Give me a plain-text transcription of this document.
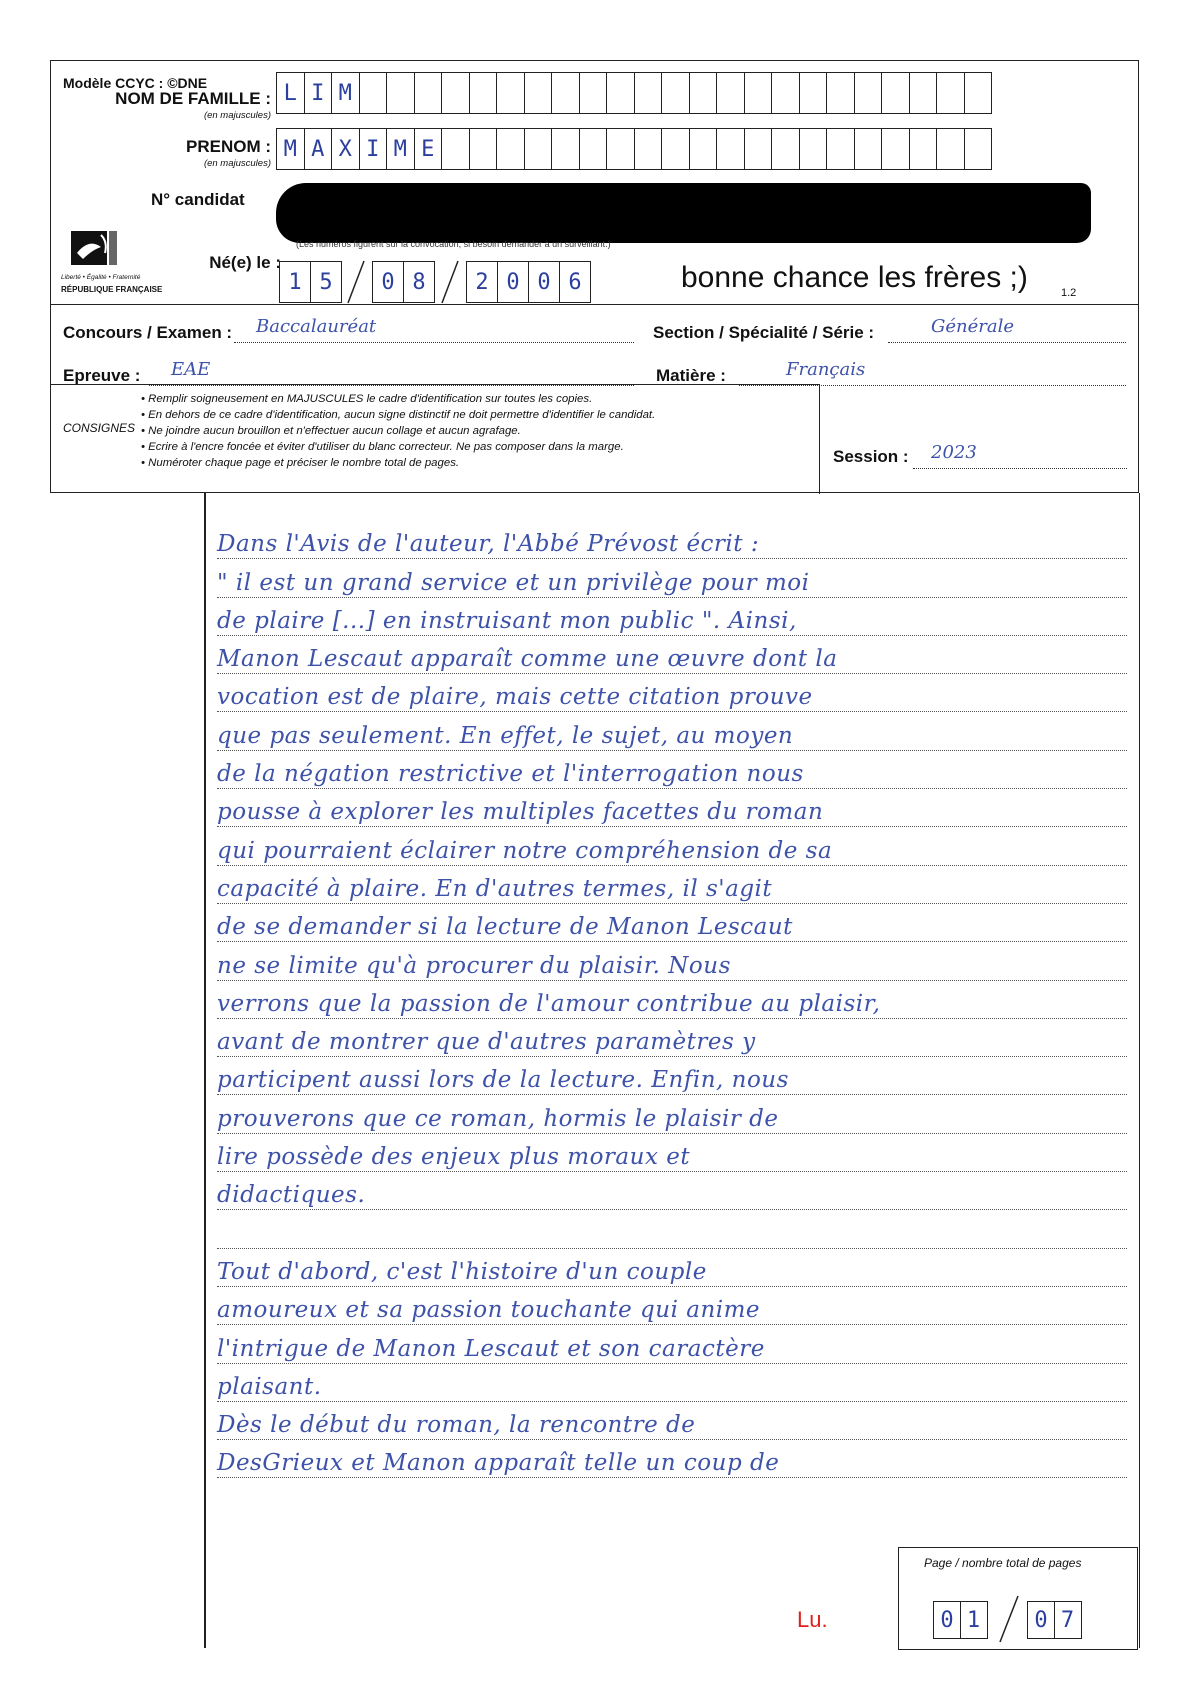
Modèle CCYC : ©DNE
NOM DE FAMILLE :
(en majuscules)
L I M
PRENOM :
(en majuscules)
M A X I M E
N° candidat
(Les numéros figurent sur la convocation, si besoin demander à un surveillant.)
Liberté • Égalité • Fraternité
RÉPUBLIQUE FRANÇAISE
Né(e) le :
1 5	0 8	2 0 0 6	bonne chance les frères ;)	1.2
Concours / Examen : Baccalauréat	Section / Spécialité / Série :	Générale
Epreuve : EAE	Matière :	Français
CONSIGNES
• Remplir soigneusement en MAJUSCULES le cadre d'identification sur toutes les copies.
• En dehors de ce cadre d'identification, aucun signe distinctif ne doit permettre d'identifier le candidat.
• Ne joindre aucun brouillon et n'effectuer aucun collage et aucun agrafage.
• Ecrire à l'encre foncée et éviter d'utiliser du blanc correcteur. Ne pas composer dans la marge.
• Numéroter chaque page et préciser le nombre total de pages.	Session : 2023
Dans l'Avis de l'auteur, l'Abbé Prévost écrit :
" il est un grand service et un privilège pour moi
de plaire [...] en instruisant mon public ". Ainsi,
Manon Lescaut apparaît comme une œuvre dont la
vocation est de plaire, mais cette citation prouve
que pas seulement. En effet, le sujet, au moyen
de la négation restrictive et l'interrogation nous
pousse à explorer les multiples facettes du roman
qui pourraient éclairer notre compréhension de sa
capacité à plaire. En d'autres termes, il s'agit
de se demander si la lecture de Manon Lescaut
ne se limite qu'à procurer du plaisir. Nous
verrons que la passion de l'amour contribue au plaisir,
avant de montrer que d'autres paramètres y
participent aussi lors de la lecture. Enfin, nous
prouverons que ce roman, hormis le plaisir de
lire possède des enjeux plus moraux et
didactiques.
Tout d'abord, c'est l'histoire d'un couple
amoureux et sa passion touchante qui anime
l'intrigue de Manon Lescaut et son caractère
plaisant.
Dès le début du roman, la rencontre de
DesGrieux et Manon apparaît telle un coup de
Page / nombre total de pages
0 1	0 7
Lu.
